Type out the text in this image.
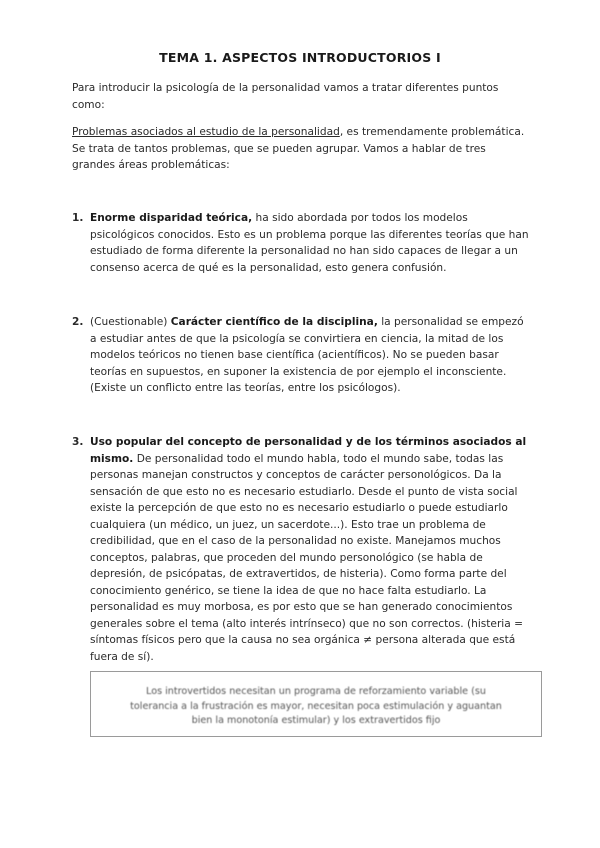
TEMA 1. ASPECTOS INTRODUCTORIOS I
Para introducir la psicología de la personalidad vamos a tratar diferentes puntos como:
Problemas asociados al estudio de la personalidad, es tremendamente problemática. Se trata de tantos problemas, que se pueden agrupar. Vamos a hablar de tres grandes áreas problemáticas:
1. Enorme disparidad teórica, ha sido abordada por todos los modelos psicológicos conocidos. Esto es un problema porque las diferentes teorías que han estudiado de forma diferente la personalidad no han sido capaces de llegar a un consenso acerca de qué es la personalidad, esto genera confusión.
2. (Cuestionable) Carácter científico de la disciplina, la personalidad se empezó a estudiar antes de que la psicología se convirtiera en ciencia, la mitad de los modelos teóricos no tienen base científica (acientíficos). No se pueden basar teorías en supuestos, en suponer la existencia de por ejemplo el inconsciente. (Existe un conflicto entre las teorías, entre los psicólogos).
3. Uso popular del concepto de personalidad y de los términos asociados al mismo. De personalidad todo el mundo habla, todo el mundo sabe, todas las personas manejan constructos y conceptos de carácter personológicos. Da la sensación de que esto no es necesario estudiarlo. Desde el punto de vista social existe la percepción de que esto no es necesario estudiarlo o puede estudiarlo cualquiera (un médico, un juez, un sacerdote...). Esto trae un problema de credibilidad, que en el caso de la personalidad no existe. Manejamos muchos conceptos, palabras, que proceden del mundo personológico (se habla de depresión, de psicópatas, de extravertidos, de histeria). Como forma parte del conocimiento genérico, se tiene la idea de que no hace falta estudiarlo. La personalidad es muy morbosa, es por esto que se han generado conocimientos generales sobre el tema (alto interés intrínseco) que no son correctos. (histeria = síntomas físicos pero que la causa no sea orgánica ≠ persona alterada que está fuera de sí).
Los introvertidos necesitan un programa de reforzamiento variable (su tolerancia a la frustración es mayor, necesitan poca estimulación y aguantan bien la monotonía estimular) y los extravertidos fijo
